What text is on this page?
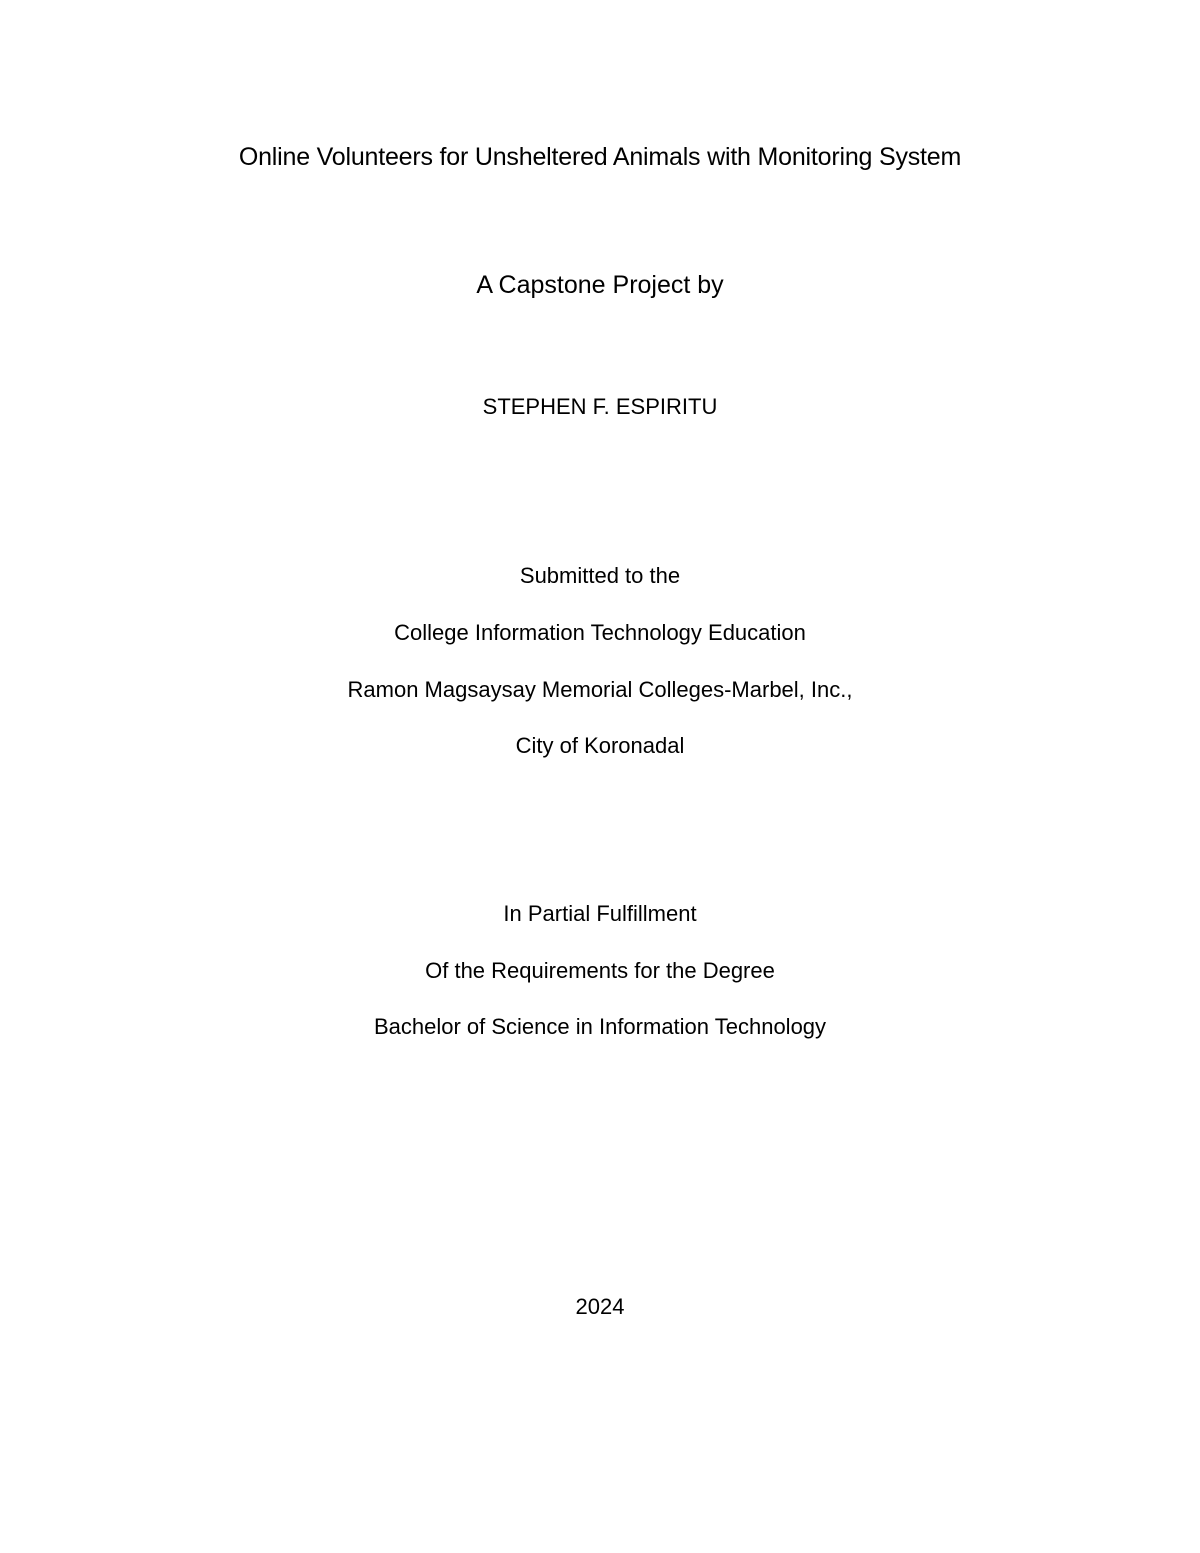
Online Volunteers for Unsheltered Animals with Monitoring System
A Capstone Project by
STEPHEN F. ESPIRITU
Submitted to the
College Information Technology Education
Ramon Magsaysay Memorial Colleges-Marbel, Inc.,
City of Koronadal
In Partial Fulfillment
Of the Requirements for the Degree
Bachelor of Science in Information Technology
2024
